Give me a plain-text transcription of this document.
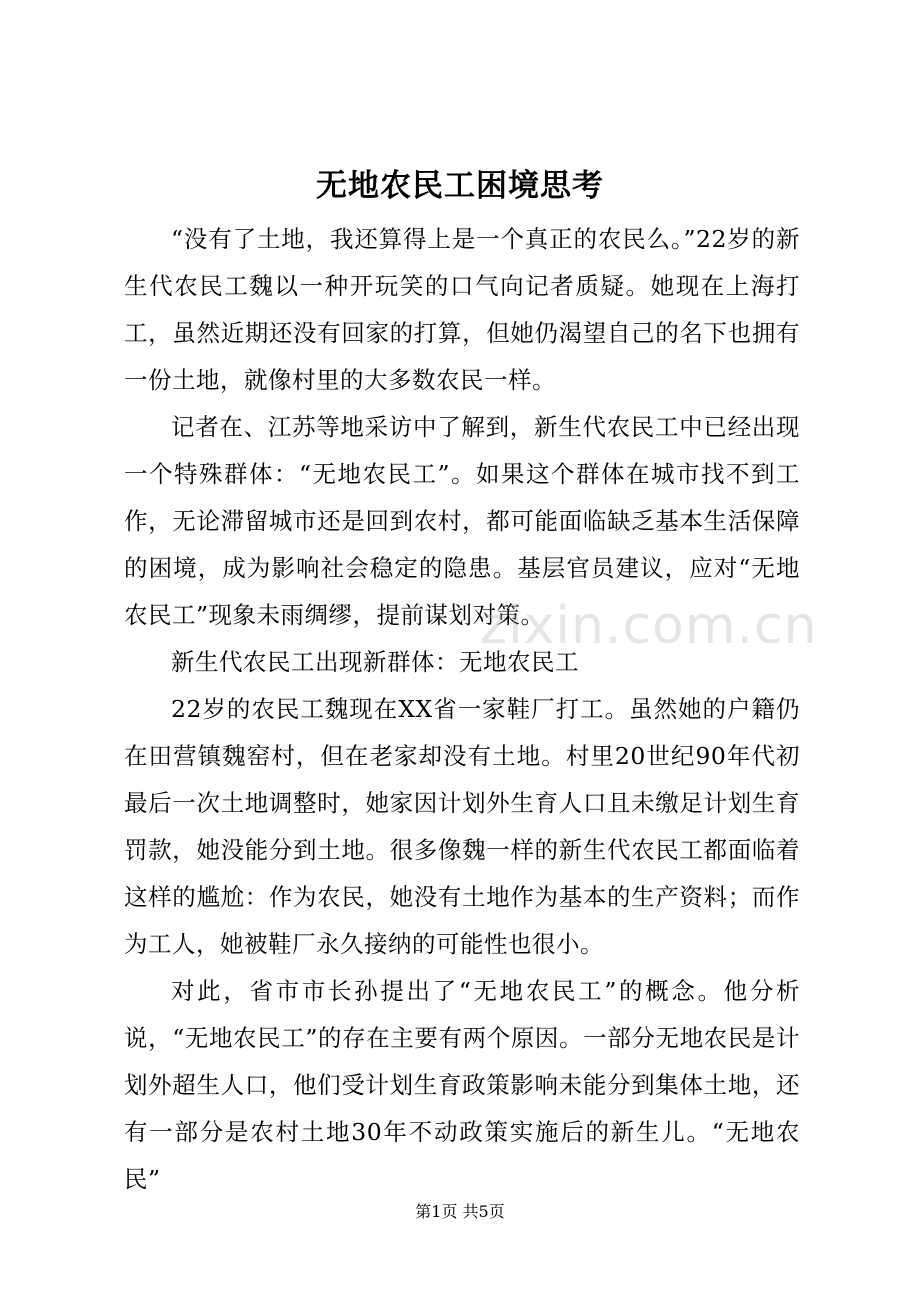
无地农民工困境思考

“没有了土地，我还算得上是一个真正的农民么。”22岁的新生代农民工魏以一种开玩笑的口气向记者质疑。她现在上海打工，虽然近期还没有回家的打算，但她仍渴望自己的名下也拥有一份土地，就像村里的大多数农民一样。

记者在、江苏等地采访中了解到，新生代农民工中已经出现一个特殊群体：“无地农民工”。如果这个群体在城市找不到工作，无论滞留城市还是回到农村，都可能面临缺乏基本生活保障的困境，成为影响社会稳定的隐患。基层官员建议，应对“无地农民工”现象未雨绸缪，提前谋划对策。

新生代农民工出现新群体：无地农民工

22岁的农民工魏现在XX省一家鞋厂打工。虽然她的户籍仍在田营镇魏窑村，但在老家却没有土地。村里20世纪90年代初最后一次土地调整时，她家因计划外生育人口且未缴足计划生育罚款，她没能分到土地。很多像魏一样的新生代农民工都面临着这样的尴尬：作为农民，她没有土地作为基本的生产资料；而作为工人，她被鞋厂永久接纳的可能性也很小。

对此，省市市长孙提出了“无地农民工”的概念。他分析说，“无地农民工”的存在主要有两个原因。一部分无地农民是计划外超生人口，他们受计划生育政策影响未能分到集体土地，还有一部分是农村土地30年不动政策实施后的新生儿。“无地农民”

zixin.com.cn
第1页 共5页
